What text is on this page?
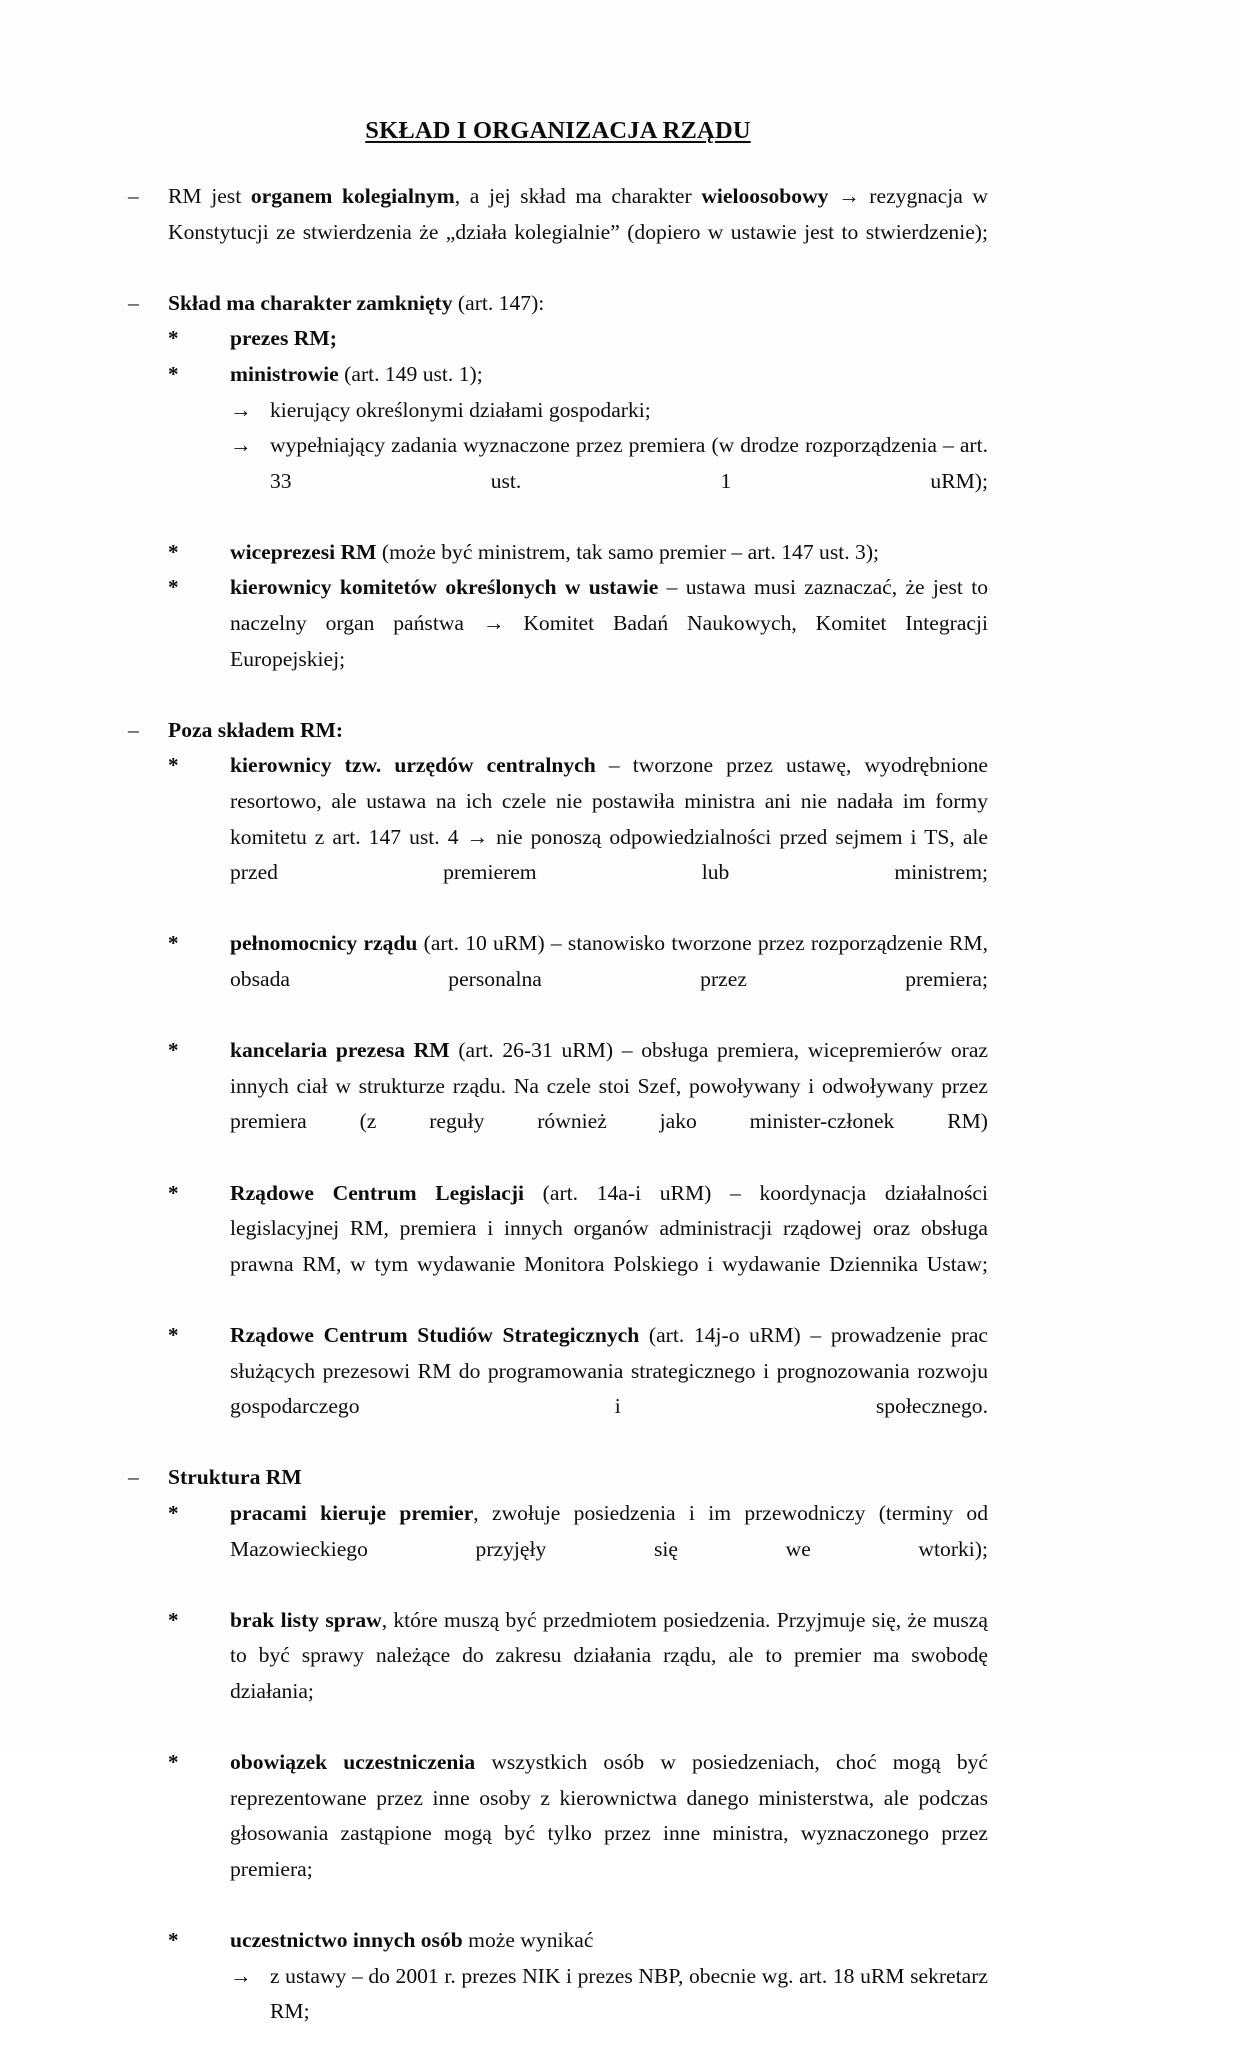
SKŁAD I ORGANIZACJA RZĄDU

–	RM jest organem kolegialnym, a jej skład ma charakter wieloosobowy → rezygnacja w Konstytucji ze stwierdzenia że „działa kolegialnie” (dopiero w ustawie jest to stwierdzenie);

–	Skład ma charakter zamknięty (art. 147):

*	prezes RM;

*	ministrowie (art. 149 ust. 1);

→ kierujący określonymi działami gospodarki;

→ wypełniający zadania wyznaczone przez premiera (w drodze rozporządzenia – art. 33 ust. 1 uRM);

*	wiceprezesi RM (może być ministrem, tak samo premier – art. 147 ust. 3);

*	kierownicy komitetów określonych w ustawie – ustawa musi zaznaczać, że jest to naczelny organ państwa → Komitet Badań Naukowych, Komitet Integracji Europejskiej;

–	Poza składem RM:

*	kierownicy tzw. urzędów centralnych – tworzone przez ustawę, wyodrębnione resortowo, ale ustawa na ich czele nie postawiła ministra ani nie nadała im formy komitetu z art. 147 ust. 4 → nie ponoszą odpowiedzialności przed sejmem i TS, ale przed premierem lub ministrem;

*	pełnomocnicy rządu (art. 10 uRM) – stanowisko tworzone przez rozporządzenie RM, obsada personalna przez premiera;

*	kancelaria prezesa RM (art. 26-31 uRM) – obsługa premiera, wicepremierów oraz innych ciał w strukturze rządu. Na czele stoi Szef, powoływany i odwoływany przez premiera (z reguły również jako minister-członek RM)

*	Rządowe Centrum Legislacji (art. 14a-i uRM) – koordynacja działalności legislacyjnej RM, premiera i innych organów administracji rządowej oraz obsługa prawna RM, w tym wydawanie Monitora Polskiego i wydawanie Dziennika Ustaw;

*	Rządowe Centrum Studiów Strategicznych (art. 14j-o uRM) – prowadzenie prac służących prezesowi RM do programowania strategicznego i prognozowania rozwoju gospodarczego i społecznego.

–	Struktura RM

*	pracami kieruje premier, zwołuje posiedzenia i im przewodniczy (terminy od Mazowieckiego przyjęły się we wtorki);

*	brak listy spraw, które muszą być przedmiotem posiedzenia. Przyjmuje się, że muszą to być sprawy należące do zakresu działania rządu, ale to premier ma swobodę działania;

*	obowiązek uczestniczenia wszystkich osób w posiedzeniach, choć mogą być reprezentowane przez inne osoby z kierownictwa danego ministerstwa, ale podczas głosowania zastąpione mogą być tylko przez inne ministra, wyznaczonego przez premiera;

*	uczestnictwo innych osób może wynikać

→ z ustawy – do 2001 r. prezes NIK i prezes NBP, obecnie wg. art. 18 uRM sekretarz RM;
